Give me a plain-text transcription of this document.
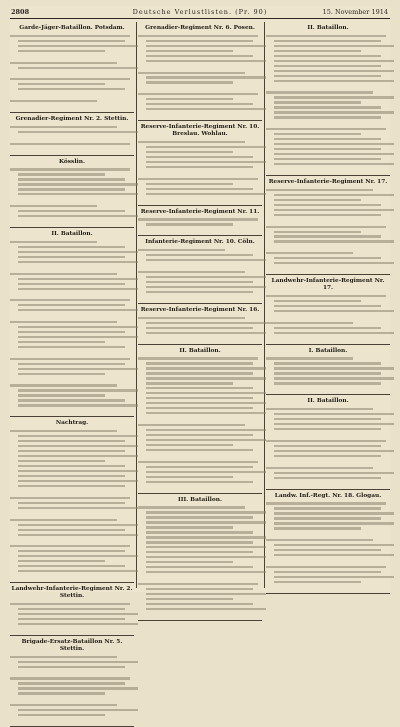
2808	Deutsche Verlustlisten. (Pr. 90)	15. November 1914
Garde-Jäger-Bataillon. Potsdam.
Grenadier-Regiment Nr. 2. Stettin.
Kösslin.
II. Bataillon.
Nachtrag.
Landwehr-Infanterie-Regiment Nr. 2. Stettin.
Brigade-Ersatz-Bataillon Nr. 5. Stettin.
Grenadier-Regiment Nr. 6. Posen.
Reserve-Infanterie-Regiment Nr. 10. Breslau. Wohlau.
Reserve-Infanterie-Regiment Nr. 11.
Infanterie-Regiment Nr. 10. Cöln.
Reserve-Infanterie-Regiment Nr. 16.
II. Bataillon.
III. Bataillon.
II. Bataillon.
Reserve-Infanterie-Regiment Nr. 17.
Landwehr-Infanterie-Regiment Nr. 17.
I. Bataillon.
II. Bataillon.
Landw. Inf.-Regt. Nr. 18. Glogau.
